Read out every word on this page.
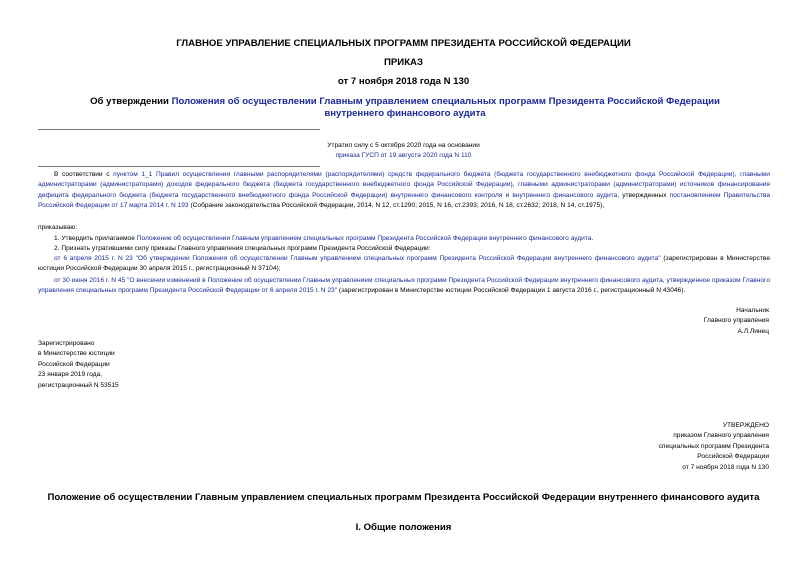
ГЛАВНОЕ УПРАВЛЕНИЕ СПЕЦИАЛЬНЫХ ПРОГРАММ ПРЕЗИДЕНТА РОССИЙСКОЙ ФЕДЕРАЦИИ
ПРИКАЗ
от 7 ноября 2018 года N 130
Об утверждении Положения об осуществлении Главным управлением специальных программ Президента Российской Федерации внутреннего финансового аудита
Утратил силу с 5 октября 2020 года на основании
приказа ГУСП от 19 августа 2020 года N 110
В соответствии с пунктом 1_1 Правил осуществления главными распорядителями (распорядителями) средств федерального бюджета (бюджета государственного внебюджетного фонда Российской Федерации), главными администраторами (администраторами) доходов федерального бюджета (бюджета государственного внебюджетного фонда Российской Федерации), главными администраторами (администраторами) источников финансирования дефицита федерального бюджета (бюджета государственного внебюджетного фонда Российской Федерации) внутреннего финансового контроля и внутреннего финансового аудита, утвержденных постановлением Правительства Российской Федерации от 17 марта 2014 г. N 193 (Собрание законодательства Российской Федерации, 2014, N 12, ст.1290; 2015, N 16, ст.2393; 2016, N 18, ст.2632; 2018, N 14, ст.1975),
приказываю:
1. Утвердить прилагаемое Положение об осуществлении Главным управлением специальных программ Президента Российской Федерации внутреннего финансового аудита.
2. Признать утратившими силу приказы Главного управления специальных программ Президента Российской Федерации:
от 6 апреля 2015 г. N 23 "Об утверждении Положения об осуществлении Главным управлением специальных программ Президента Российской Федерации внутреннего финансового аудита" (зарегистрирован в Министерстве юстиции Российской Федерации 30 апреля 2015 г., регистрационный N 37104);
от 30 июня 2016 г. N 45 "О внесении изменений в Положение об осуществлении Главным управлением специальных программ Президента Российской Федерации внутреннего финансового аудита, утвержденное приказом Главного управления специальных программ Президента Российской Федерации от 6 апреля 2015 г. N 23" (зарегистрирован в Министерстве юстиции Российской Федерации 1 августа 2016 г., регистрационный N 43046).
Начальник
Главного управления
А.Л.Линец
Зарегистрировано
в Министерстве юстиции
Российской Федерации
23 января 2019 года,
регистрационный N 53515
УТВЕРЖДЕНО
приказом Главного управления
специальных программ Президента
Российской Федерации
от 7 ноября 2018 года N 130
Положение об осуществлении Главным управлением специальных программ Президента Российской Федерации внутреннего финансового аудита
I. Общие положения
